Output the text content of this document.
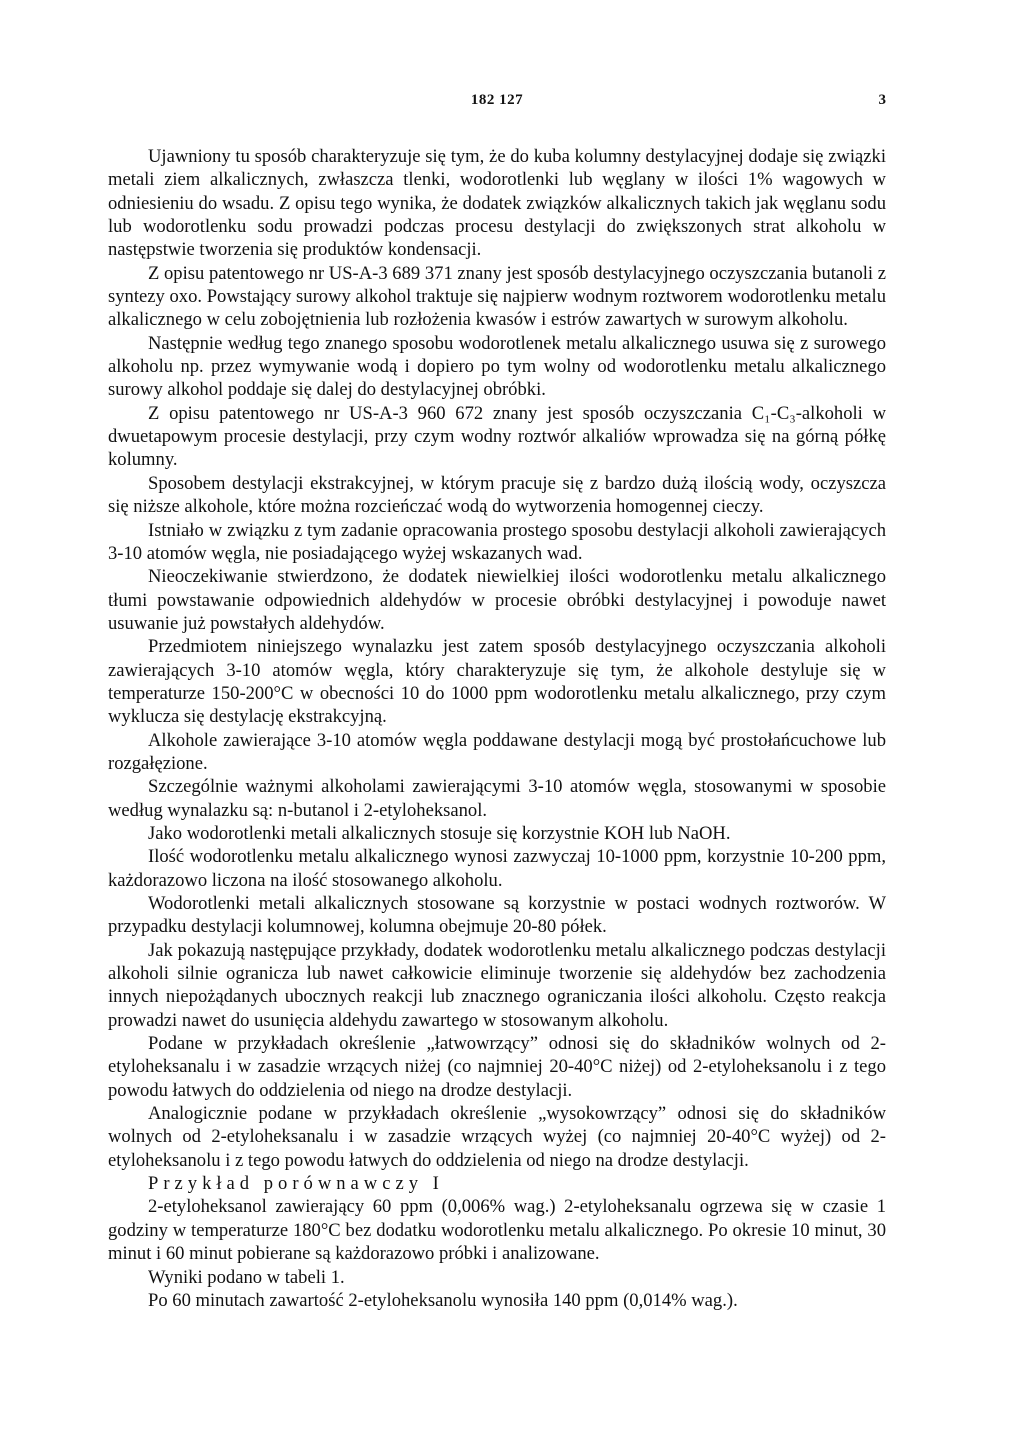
182 127	3

Ujawniony tu sposób charakteryzuje się tym, że do kuba kolumny destylacyjnej dodaje się związki metali ziem alkalicznych, zwłaszcza tlenki, wodorotlenki lub węglany w ilości 1% wagowych w odniesieniu do wsadu. Z opisu tego wynika, że dodatek związków alkalicznych takich jak węglanu sodu lub wodorotlenku sodu prowadzi podczas procesu destylacji do zwiększonych strat alkoholu w następstwie tworzenia się produktów kondensacji.

Z opisu patentowego nr US-A-3 689 371 znany jest sposób destylacyjnego oczyszczania butanoli z syntezy oxo. Powstający surowy alkohol traktuje się najpierw wodnym roztworem wodorotlenku metalu alkalicznego w celu zobojętnienia lub rozłożenia kwasów i estrów zawartych w surowym alkoholu.

Następnie według tego znanego sposobu wodorotlenek metalu alkalicznego usuwa się z surowego alkoholu np. przez wymywanie wodą i dopiero po tym wolny od wodorotlenku metalu alkalicznego surowy alkohol poddaje się dalej do destylacyjnej obróbki.

Z opisu patentowego nr US-A-3 960 672 znany jest sposób oczyszczania C₁-C₃-alkoholi w dwuetapowym procesie destylacji, przy czym wodny roztwór alkaliów wprowadza się na górną półkę kolumny.

Sposobem destylacji ekstrakcyjnej, w którym pracuje się z bardzo dużą ilością wody, oczyszcza się niższe alkohole, które można rozcieńczać wodą do wytworzenia homogennej cieczy.

Istniało w związku z tym zadanie opracowania prostego sposobu destylacji alkoholi zawierających 3-10 atomów węgla, nie posiadającego wyżej wskazanych wad.

Nieoczekiwanie stwierdzono, że dodatek niewielkiej ilości wodorotlenku metalu alkalicznego tłumi powstawanie odpowiednich aldehydów w procesie obróbki destylacyjnej i powoduje nawet usuwanie już powstałych aldehydów.

Przedmiotem niniejszego wynalazku jest zatem sposób destylacyjnego oczyszczania alkoholi zawierających 3-10 atomów węgla, który charakteryzuje się tym, że alkohole destyluje się w temperaturze 150-200°C w obecności 10 do 1000 ppm wodorotlenku metalu alkalicznego, przy czym wyklucza się destylację ekstrakcyjną.

Alkohole zawierające 3-10 atomów węgla poddawane destylacji mogą być prostołańcuchowe lub rozgałęzione.

Szczególnie ważnymi alkoholami zawierającymi 3-10 atomów węgla, stosowanymi w sposobie według wynalazku są: n-butanol i 2-etyloheksanol.

Jako wodorotlenki metali alkalicznych stosuje się korzystnie KOH lub NaOH.

Ilość wodorotlenku metalu alkalicznego wynosi zazwyczaj 10-1000 ppm, korzystnie 10-200 ppm, każdorazowo liczona na ilość stosowanego alkoholu.

Wodorotlenki metali alkalicznych stosowane są korzystnie w postaci wodnych roztworów. W przypadku destylacji kolumnowej, kolumna obejmuje 20-80 półek.

Jak pokazują następujące przykłady, dodatek wodorotlenku metalu alkalicznego podczas destylacji alkoholi silnie ogranicza lub nawet całkowicie eliminuje tworzenie się aldehydów bez zachodzenia innych niepożądanych ubocznych reakcji lub znacznego ograniczania ilości alkoholu. Często reakcja prowadzi nawet do usunięcia aldehydu zawartego w stosowanym alkoholu.

Podane w przykładach określenie „łatwowrzący” odnosi się do składników wolnych od 2-etyloheksanalu i w zasadzie wrzących niżej (co najmniej 20-40°C niżej) od 2-etyloheksanolu i z tego powodu łatwych do oddzielenia od niego na drodze destylacji.

Analogicznie podane w przykładach określenie „wysokowrzący” odnosi się do składników wolnych od 2-etyloheksanalu i w zasadzie wrzących wyżej (co najmniej 20-40°C wyżej) od 2-etyloheksanolu i z tego powodu łatwych do oddzielenia od niego na drodze destylacji.

Przykład porównawczy I

2-etyloheksanol zawierający 60 ppm (0,006% wag.) 2-etyloheksanalu ogrzewa się w czasie 1 godziny w temperaturze 180°C bez dodatku wodorotlenku metalu alkalicznego. Po okresie 10 minut, 30 minut i 60 minut pobierane są każdorazowo próbki i analizowane.

Wyniki podano w tabeli 1.

Po 60 minutach zawartość 2-etyloheksanolu wynosiła 140 ppm (0,014% wag.).
